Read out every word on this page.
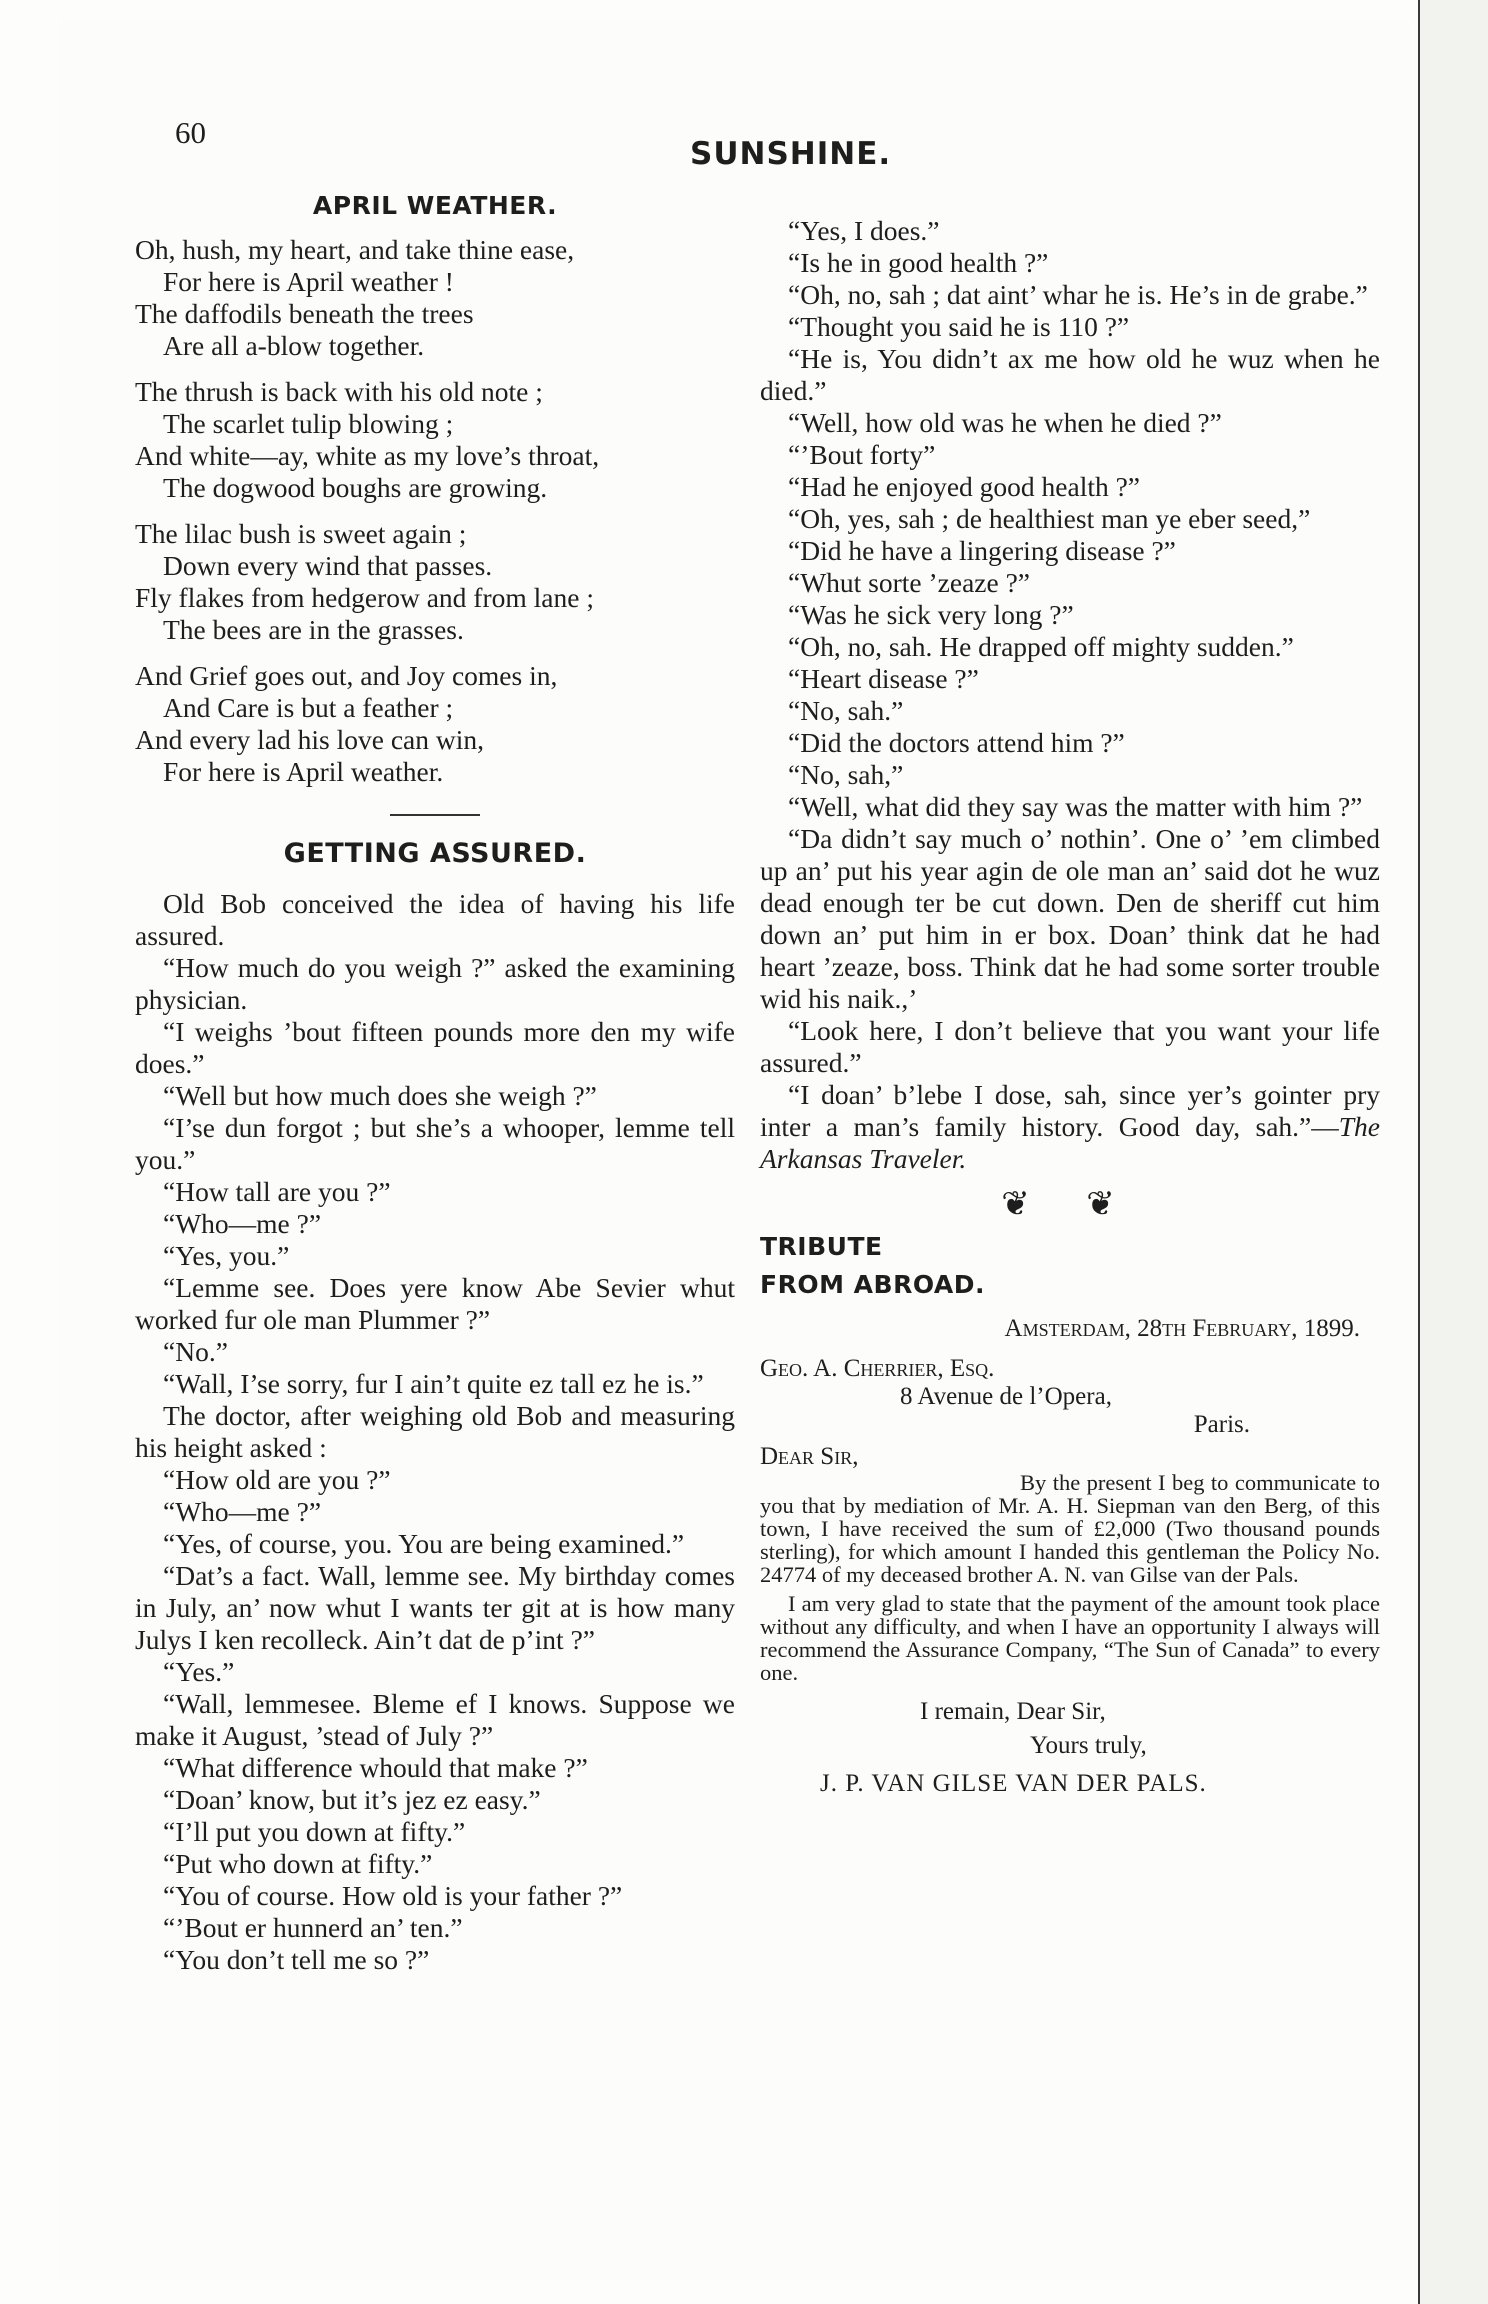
60
SUNSHINE.
APRIL WEATHER.
Oh, hush, my heart, and take thine ease,
For here is April weather !
The daffodils beneath the trees
Are all a-blow together.
The thrush is back with his old note ;
The scarlet tulip blowing ;
And white—ay, white as my love’s throat,
The dogwood boughs are growing.
The lilac bush is sweet again ;
Down every wind that passes.
Fly flakes from hedgerow and from lane ;
The bees are in the grasses.
And Grief goes out, and Joy comes in,
And Care is but a feather ;
And every lad his love can win,
For here is April weather.
GETTING ASSURED.

Old Bob conceived the idea of having his life assured.

“How much do you weigh ?” asked the examining physician.

“I weighs ’bout fifteen pounds more den my wife does.”

“Well but how much does she weigh ?”

“I’se dun forgot ; but she’s a whooper, lemme tell you.”

“How tall are you ?”

“Who—me ?”

“Yes, you.”

“Lemme see. Does yere know Abe Sevier whut worked fur ole man Plummer ?”

“No.”

“Wall, I’se sorry, fur I ain’t quite ez tall ez he is.”

The doctor, after weighing old Bob and measuring his height asked :

“How old are you ?”

“Who—me ?”

“Yes, of course, you. You are being examined.”

“Dat’s a fact. Wall, lemme see. My birthday comes in July, an’ now whut I wants ter git at is how many Julys I ken recolleck. Ain’t dat de p’int ?”

“Yes.”

“Wall, lemmesee. Bleme ef I knows. Suppose we make it August, ’stead of July ?”

“What difference whould that make ?”

“Doan’ know, but it’s jez ez easy.”

“I’ll put you down at fifty.”

“Put who down at fifty.”

“You of course. How old is your father ?”

“’Bout er hunnerd an’ ten.”

“You don’t tell me so ?”

“Yes, I does.”

“Is he in good health ?”

“Oh, no, sah ; dat aint’ whar he is. He’s in de grabe.”

“Thought you said he is 110 ?”

“He is, You didn’t ax me how old he wuz when he died.”

“Well, how old was he when he died ?”

“’Bout forty”

“Had he enjoyed good health ?”

“Oh, yes, sah ; de healthiest man ye eber seed,”

“Did he have a lingering disease ?”

“Whut sorte ’zeaze ?”

“Was he sick very long ?”

“Oh, no, sah. He drapped off mighty sudden.”

“Heart disease ?”

“No, sah.”

“Did the doctors attend him ?”

“No, sah,”

“Well, what did they say was the matter with him ?”

“Da didn’t say much o’ nothin’. One o’ ’em climbed up an’ put his year agin de ole man an’ said dot he wuz dead enough ter be cut down. Den de sheriff cut him down an’ put him in er box. Doan’ think dat he had heart ’zeaze, boss. Think dat he had some sorter trouble wid his naik.,’

“Look here, I don’t believe that you want your life assured.”

“I doan’ b’lebe I dose, sah, since yer’s gointer pry inter a man’s family history. Good day, sah.”—The Arkansas Traveler.

❦ ❦
TRIBUTE
FROM ABROAD.

Amsterdam, 28th February, 1899.

Geo. A. Cherrier, Esq.

8 Avenue de l’Opera,

Paris.

Dear Sir,

By the present I beg to communicate to you that by mediation of Mr. A. H. Siepman van den Berg, of this town, I have received the sum of £2,000 (Two thousand pounds sterling), for which amount I handed this gentleman the Policy No. 24774 of my deceased brother A. N. van Gilse van der Pals.

I am very glad to state that the payment of the amount took place without any difficulty, and when I have an opportunity I always will recommend the Assurance Company, “The Sun of Canada” to every one.

I remain, Dear Sir,

Yours truly,

J. P. VAN GILSE VAN DER PALS.
